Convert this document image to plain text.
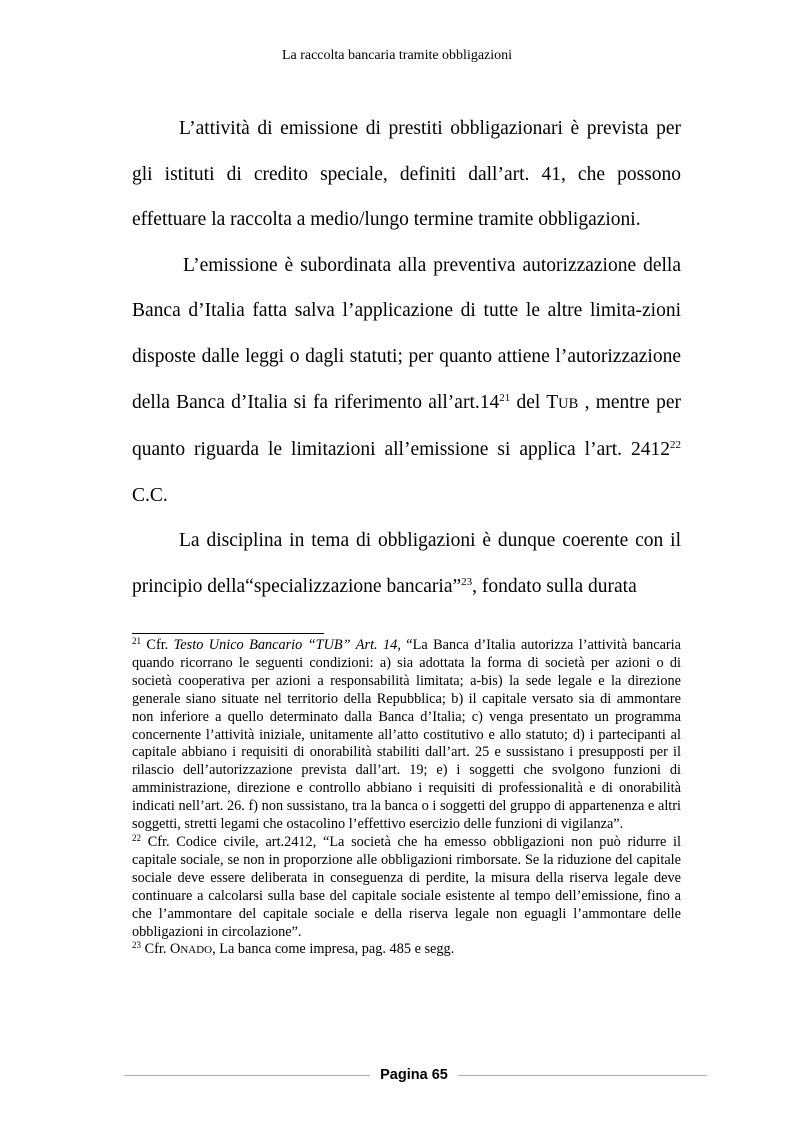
La raccolta bancaria tramite obbligazioni

L’attività di emissione di prestiti obbligazionari è prevista per gli istituti di credito speciale, definiti dall’art. 41, che possono effettuare la raccolta a medio/lungo termine tramite obbligazioni.

L’emissione è subordinata alla preventiva autorizzazione della Banca d’Italia fatta salva l’applicazione di tutte le altre limita-zioni disposte dalle leggi o dagli statuti; per quanto attiene l’autorizzazione della Banca d’Italia si fa riferimento $all’art.14^{21}$ del TUB , mentre per quanto riguarda le limitazioni all’emissione si applica l’art. 2412$^{22}$ C.C.

La disciplina in tema di obbligazioni è dunque coerente con il principio della“specializzazione bancaria”$^{23}$, fondato sulla durata

$^{21}$ Cfr. Testo Unico Bancario “TUB” Art. 14, “La Banca d’Italia autorizza l’attività bancaria quando ricorrano le seguenti condizioni: a) sia adottata la forma di società per azioni o di società cooperativa per azioni a responsabilità limitata; a-bis) la sede legale e la direzione generale siano situate nel territorio della Repubblica; b) il capitale versato sia di ammontare non inferiore a quello determinato dalla Banca d’Italia; c) venga presentato un programma concernente l’attività iniziale, unitamente all’atto costitutivo e allo statuto; d) i partecipanti al capitale abbiano i requisiti di onorabilità stabiliti dall’art. 25 e sussistano i presupposti per il rilascio dell’autorizzazione prevista dall’art. 19; e) i soggetti che svolgono funzioni di amministrazione, direzione e controllo abbiano i requisiti di professionalità e di onorabilità indicati nell’art. 26. f) non sussistano, tra la banca o i soggetti del gruppo di appartenenza e altri soggetti, stretti legami che ostacolino l’effettivo esercizio delle funzioni di vigilanza”.

$^{22}$ Cfr. Codice civile, art.2412, “La società che ha emesso obbligazioni non può ridurre il capitale sociale, se non in proporzione alle obbligazioni rimborsate. Se la riduzione del capitale sociale deve essere deliberata in conseguenza di perdite, la misura della riserva legale deve continuare a calcolarsi sulla base del capitale sociale esistente al tempo dell’emissione, fino a che l’ammontare del capitale sociale e della riserva legale non eguagli l’ammontare delle obbligazioni in circolazione”.

$^{23}$ Cfr. ONADO, La banca come impresa, pag. 485 e segg.

Pagina 65
